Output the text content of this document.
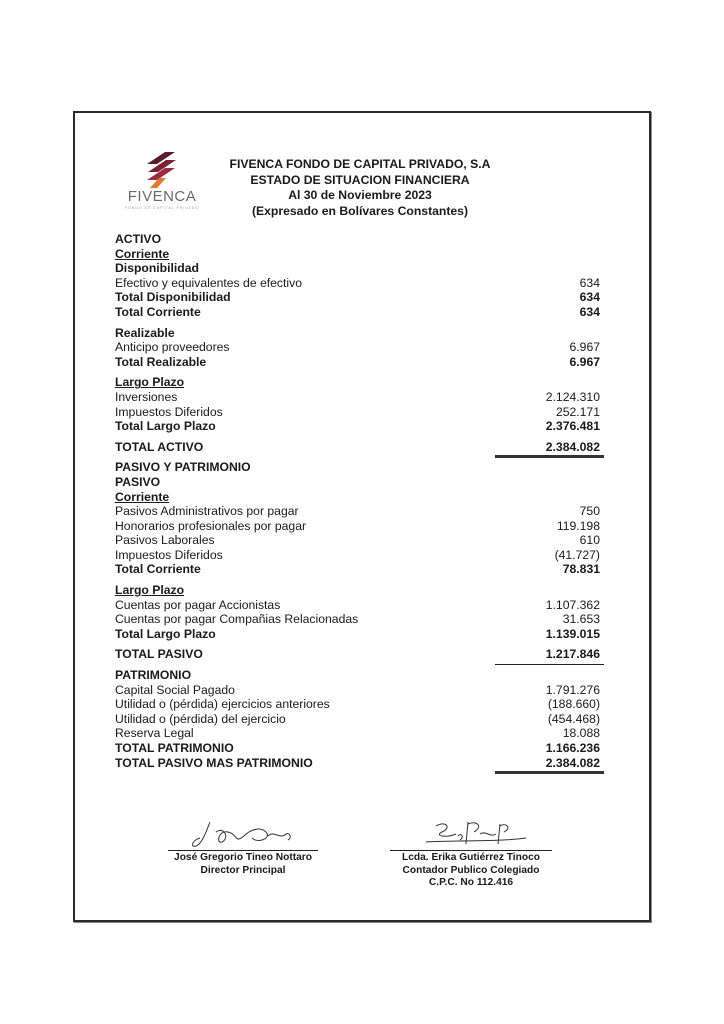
FIVENCA
FONDO DE CAPITAL PRIVADO
FIVENCA FONDO DE CAPITAL PRIVADO, S.A
ESTADO DE SITUACION FINANCIERA
Al 30 de Noviembre 2023
(Expresado en Bolívares Constantes)
ACTIVO
Corriente
Disponibilidad
Efectivo y equivalentes de efectivo	634
Total Disponibilidad	634
Total Corriente	634
Realizable
Anticipo proveedores	6.967
Total Realizable	6.967
Largo Plazo
Inversiones	2.124.310
Impuestos Diferidos	252.171
Total Largo Plazo	2.376.481
TOTAL ACTIVO	2.384.082
PASIVO Y PATRIMONIO
PASIVO
Corriente
Pasivos Administrativos por pagar	750
Honorarios profesionales por pagar	119.198
Pasivos Laborales	610
Impuestos Diferidos	(41.727)
Total Corriente	78.831
Largo Plazo
Cuentas por pagar Accionistas	1.107.362
Cuentas por pagar Compañias Relacionadas	31.653
Total Largo Plazo	1.139.015
TOTAL PASIVO	1.217.846
PATRIMONIO
Capital Social Pagado	1.791.276
Utilidad o (pérdida) ejercicios anteriores	(188.660)
Utilidad o (pérdida) del ejercicio	(454.468)
Reserva Legal	18.088
TOTAL PATRIMONIO	1.166.236
TOTAL PASIVO MAS PATRIMONIO	2.384.082
José Gregorio Tineo Nottaro
Director Principal
Lcda. Erika Gutiérrez Tinoco
Contador Publico Colegiado
C.P.C. No 112.416
